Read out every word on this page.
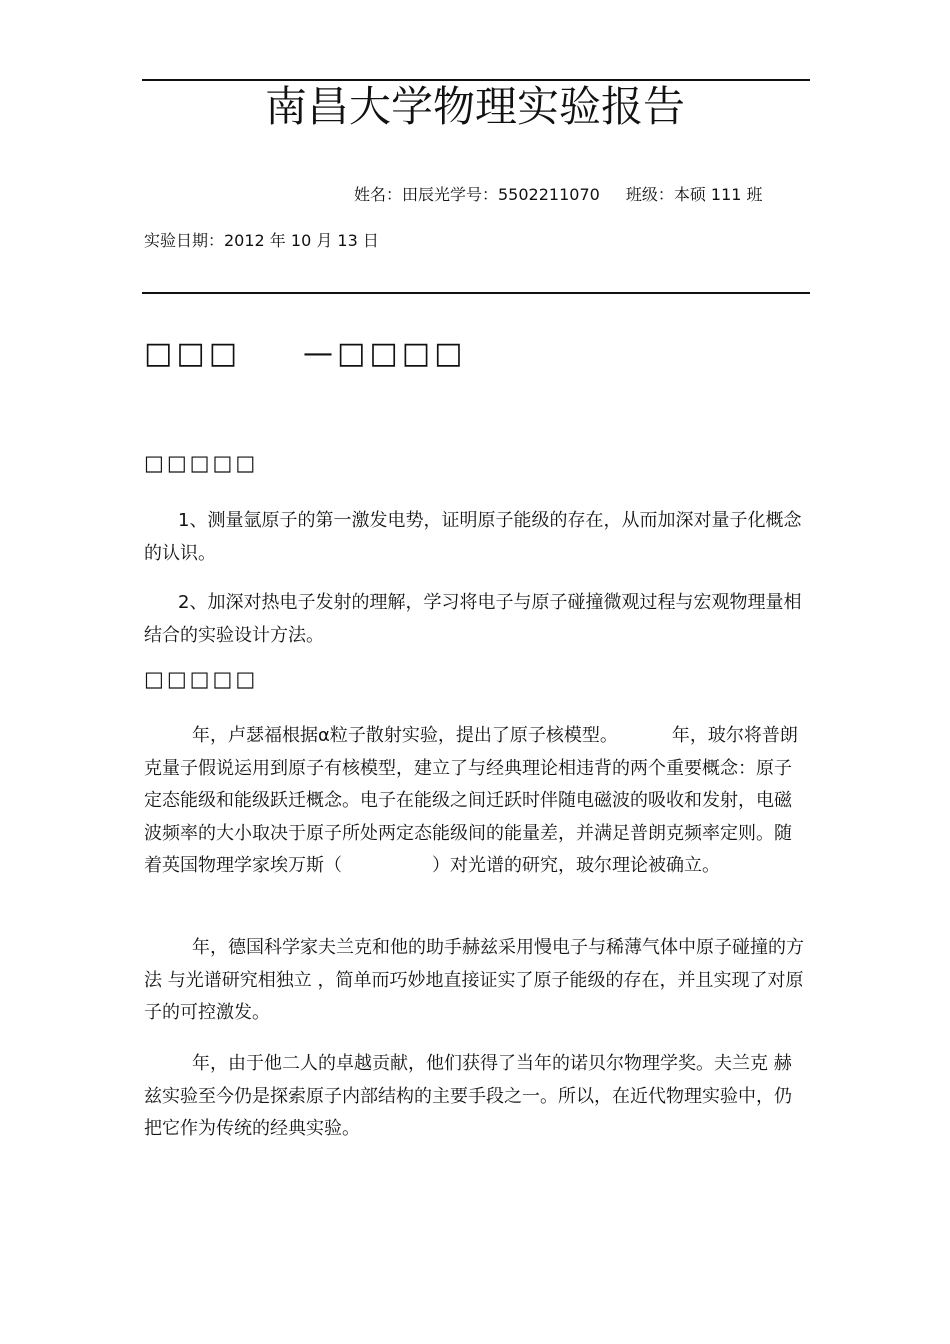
南昌大学物理实验报告
姓名：田辰光学号：5502211070 班级：本硕 111 班
实验日期：2012 年 10 月 13 日
□□□ —□□□□
□□□□□
1、测量氩原子的第一激发电势，证明原子能级的存在，从而加深对量子化概念的认识。
2、加深对热电子发射的理解，学习将电子与原子碰撞微观过程与宏观物理量相结合的实验设计方法。
□□□□□
年，卢瑟福根据α粒子散射实验，提出了原子核模型。	年，玻尔将普朗克量子假说运用到原子有核模型，建立了与经典理论相违背的两个重要概念：原子定态能级和能级跃迁概念。电子在能级之间迁跃时伴随电磁波的吸收和发射，电磁波频率的大小取决于原子所处两定态能级间的能量差，并满足普朗克频率定则。随着英国物理学家埃万斯（	）对光谱的研究，玻尔理论被确立。
年，德国科学家夫兰克和他的助手赫兹采用慢电子与稀薄气体中原子碰撞的方法 与光谱研究相独立 ，简单而巧妙地直接证实了原子能级的存在，并且实现了对原子的可控激发。
年，由于他二人的卓越贡献，他们获得了当年的诺贝尔物理学奖。夫兰克 赫兹实验至今仍是探索原子内部结构的主要手段之一。所以，在近代物理实验中，仍把它作为传统的经典实验。
